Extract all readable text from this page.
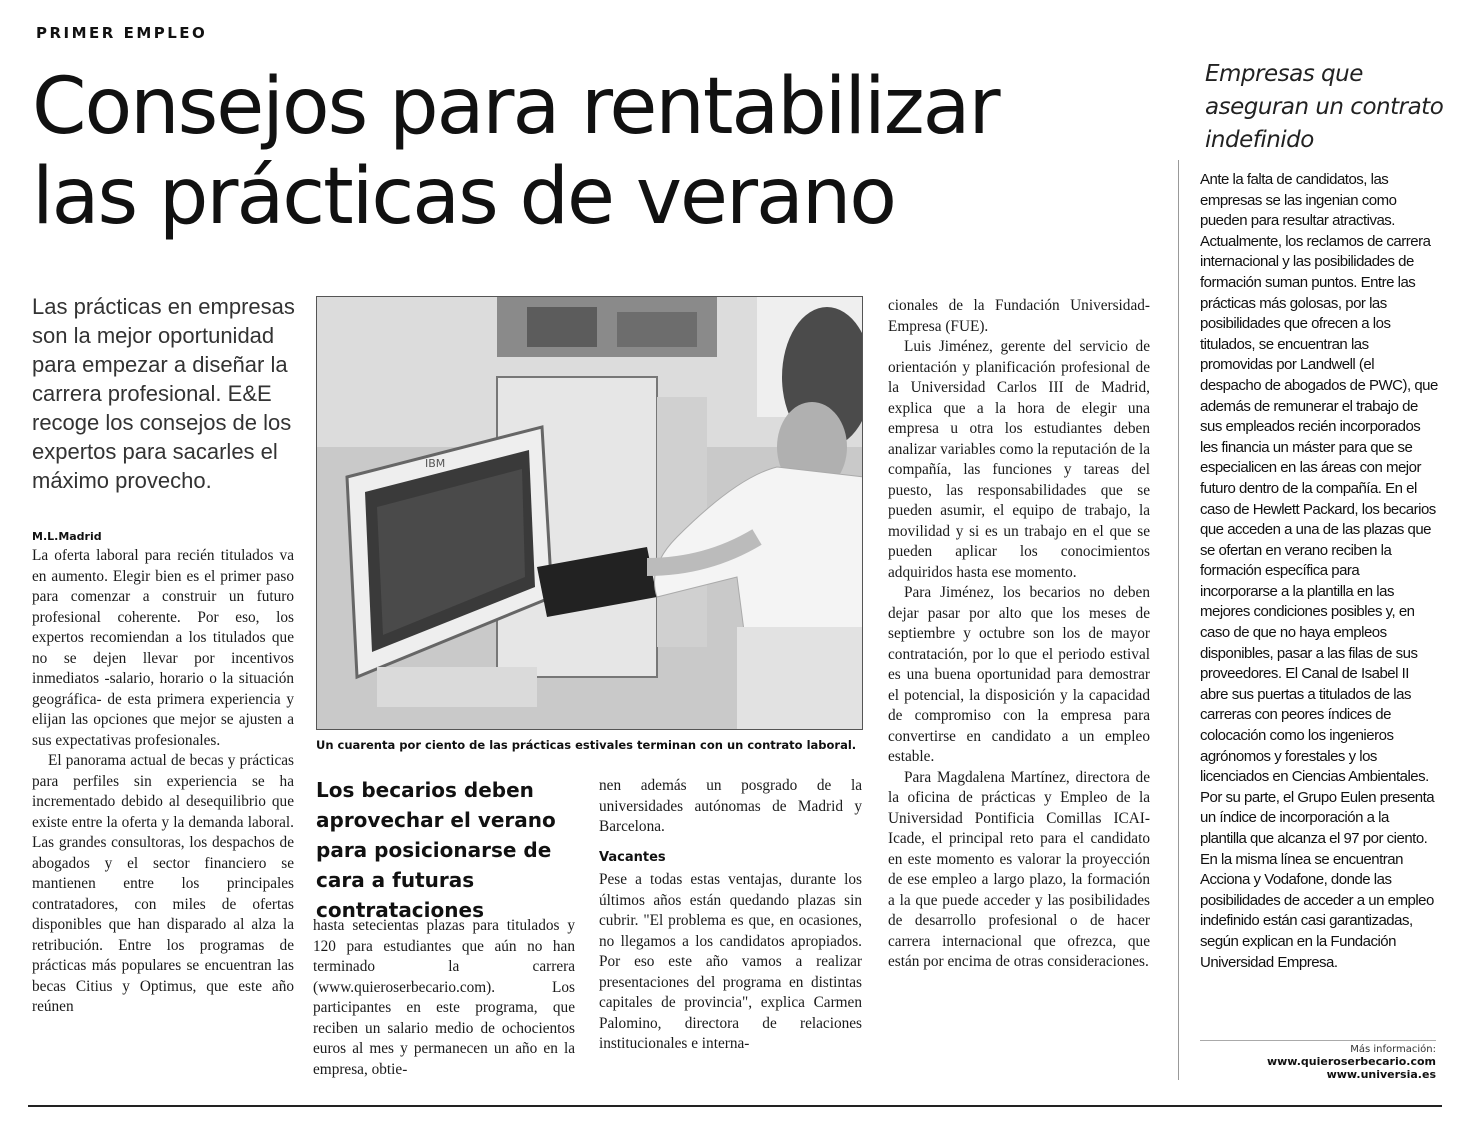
PRIMER EMPLEO
Consejos para rentabilizar
las prácticas de verano

Las prácticas en empresas son la mejor oportunidad para empezar a diseñar la carrera profesional. E&E recoge los consejos de los expertos para sacarles el máximo provecho.

M.L.Madrid

La oferta laboral para recién titulados va en aumento. Elegir bien es el primer paso para comenzar a construir un futuro profesional coherente. Por eso, los expertos recomiendan a los titulados que no se dejen llevar por incentivos inmediatos -salario, horario o la situación geográfica- de esta primera experiencia y elijan las opciones que mejor se ajusten a sus expectativas profesionales.

El panorama actual de becas y prácticas para perfiles sin experiencia se ha incrementado debido al desequilibrio que existe entre la oferta y la demanda laboral. Las grandes consultoras, los despachos de abogados y el sector financiero se mantienen entre los principales contratadores, con miles de ofertas disponibles que han disparado al alza la retribución. Entre los programas de prácticas más populares se encuentran las becas Citius y Optimus, que este año reúnen

IBM
Un cuarenta por ciento de las prácticas estivales terminan con un contrato laboral.

Los becarios deben aprovechar el verano para posicionarse de cara a futuras contrataciones

hasta setecientas plazas para titulados y 120 para estudiantes que aún no han terminado la carrera (www.quieroserbecario.com). Los participantes en este programa, que reciben un salario medio de ochocientos euros al mes y permanecen un año en la empresa, obtie-

nen además un posgrado de la universidades autónomas de Madrid y Barcelona.

Vacantes

Pese a todas estas ventajas, durante los últimos años están quedando plazas sin cubrir. "El problema es que, en ocasiones, no llegamos a los candidatos apropiados. Por eso este año vamos a realizar presentaciones del programa en distintas capitales de provincia", explica Carmen Palomino, directora de relaciones institucionales e interna-

cionales de la Fundación Universidad-Empresa (FUE).

Luis Jiménez, gerente del servicio de orientación y planificación profesional de la Universidad Carlos III de Madrid, explica que a la hora de elegir una empresa u otra los estudiantes deben analizar variables como la reputación de la compañía, las funciones y tareas del puesto, las responsabilidades que se pueden asumir, el equipo de trabajo, la movilidad y si es un trabajo en el que se pueden aplicar los conocimientos adquiridos hasta ese momento.

Para Jiménez, los becarios no deben dejar pasar por alto que los meses de septiembre y octubre son los de mayor contratación, por lo que el periodo estival es una buena oportunidad para demostrar el potencial, la disposición y la capacidad de compromiso con la empresa para convertirse en candidato a un empleo estable.

Para Magdalena Martínez, directora de la oficina de prácticas y Empleo de la Universidad Pontificia Comillas ICAI-Icade, el principal reto para el candidato en este momento es valorar la proyección de ese empleo a largo plazo, la formación a la que puede acceder y las posibilidades de desarrollo profesional o de hacer carrera internacional que ofrezca, que están por encima de otras consideraciones.

Empresas que aseguran un contrato indefinido

Ante la falta de candidatos, las empresas se las ingenian como pueden para resultar atractivas. Actualmente, los reclamos de carrera internacional y las posibilidades de formación suman puntos. Entre las prácticas más golosas, por las posibilidades que ofrecen a los titulados, se encuentran las promovidas por Landwell (el despacho de abogados de PWC), que además de remunerar el trabajo de sus empleados recién incorporados les financia un máster para que se especialicen en las áreas con mejor futuro dentro de la compañía. En el caso de Hewlett Packard, los becarios que acceden a una de las plazas que se ofertan en verano reciben la formación específica para incorporarse a la plantilla en las mejores condiciones posibles y, en caso de que no haya empleos disponibles, pasar a las filas de sus proveedores. El Canal de Isabel II abre sus puertas a titulados de las carreras con peores índices de colocación como los ingenieros agrónomos y forestales y los licenciados en Ciencias Ambientales. Por su parte, el Grupo Eulen presenta un índice de incorporación a la plantilla que alcanza el 97 por ciento. En la misma línea se encuentran Acciona y Vodafone, donde las posibilidades de acceder a un empleo indefinido están casi garantizadas, según explican en la Fundación Universidad Empresa.

Más información:
www.quieroserbecario.com
www.universia.es
